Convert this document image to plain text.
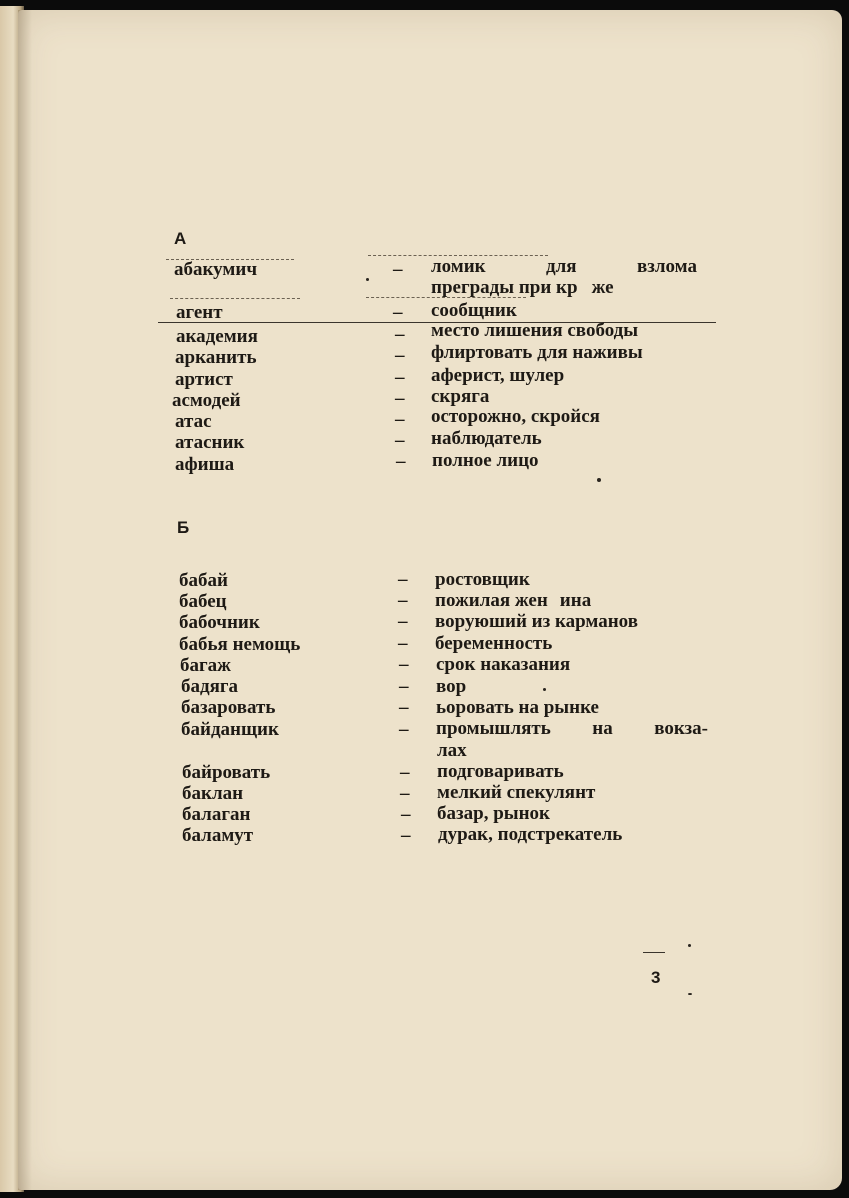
А
абакумич	– ломик	для	взлома
преграды при кр же
агент	– сообщник
академия	– место лишения свободы
арканить	– флиртовать для наживы
артист	– аферист, шулер
асмодей	– скряга
атас	– осторожно, скройся
атасник	– наблюдатель
афиша	– полное лицо
Б
бабай	– ростовщик
бабец	– пожилая жен ина
бабочник	– воруюший из карманов
бабья немощь	– беременность
багаж	– срок наказания
бадяга	– вор
базаровать	– ьоровать на рынке
байданщик	– промышлять на вокза-
лах
байровать	– подговаривать
баклан	– мелкий спекулянт
балаган	– базар, рынок
баламут	– дурак, подстрекатель
3
